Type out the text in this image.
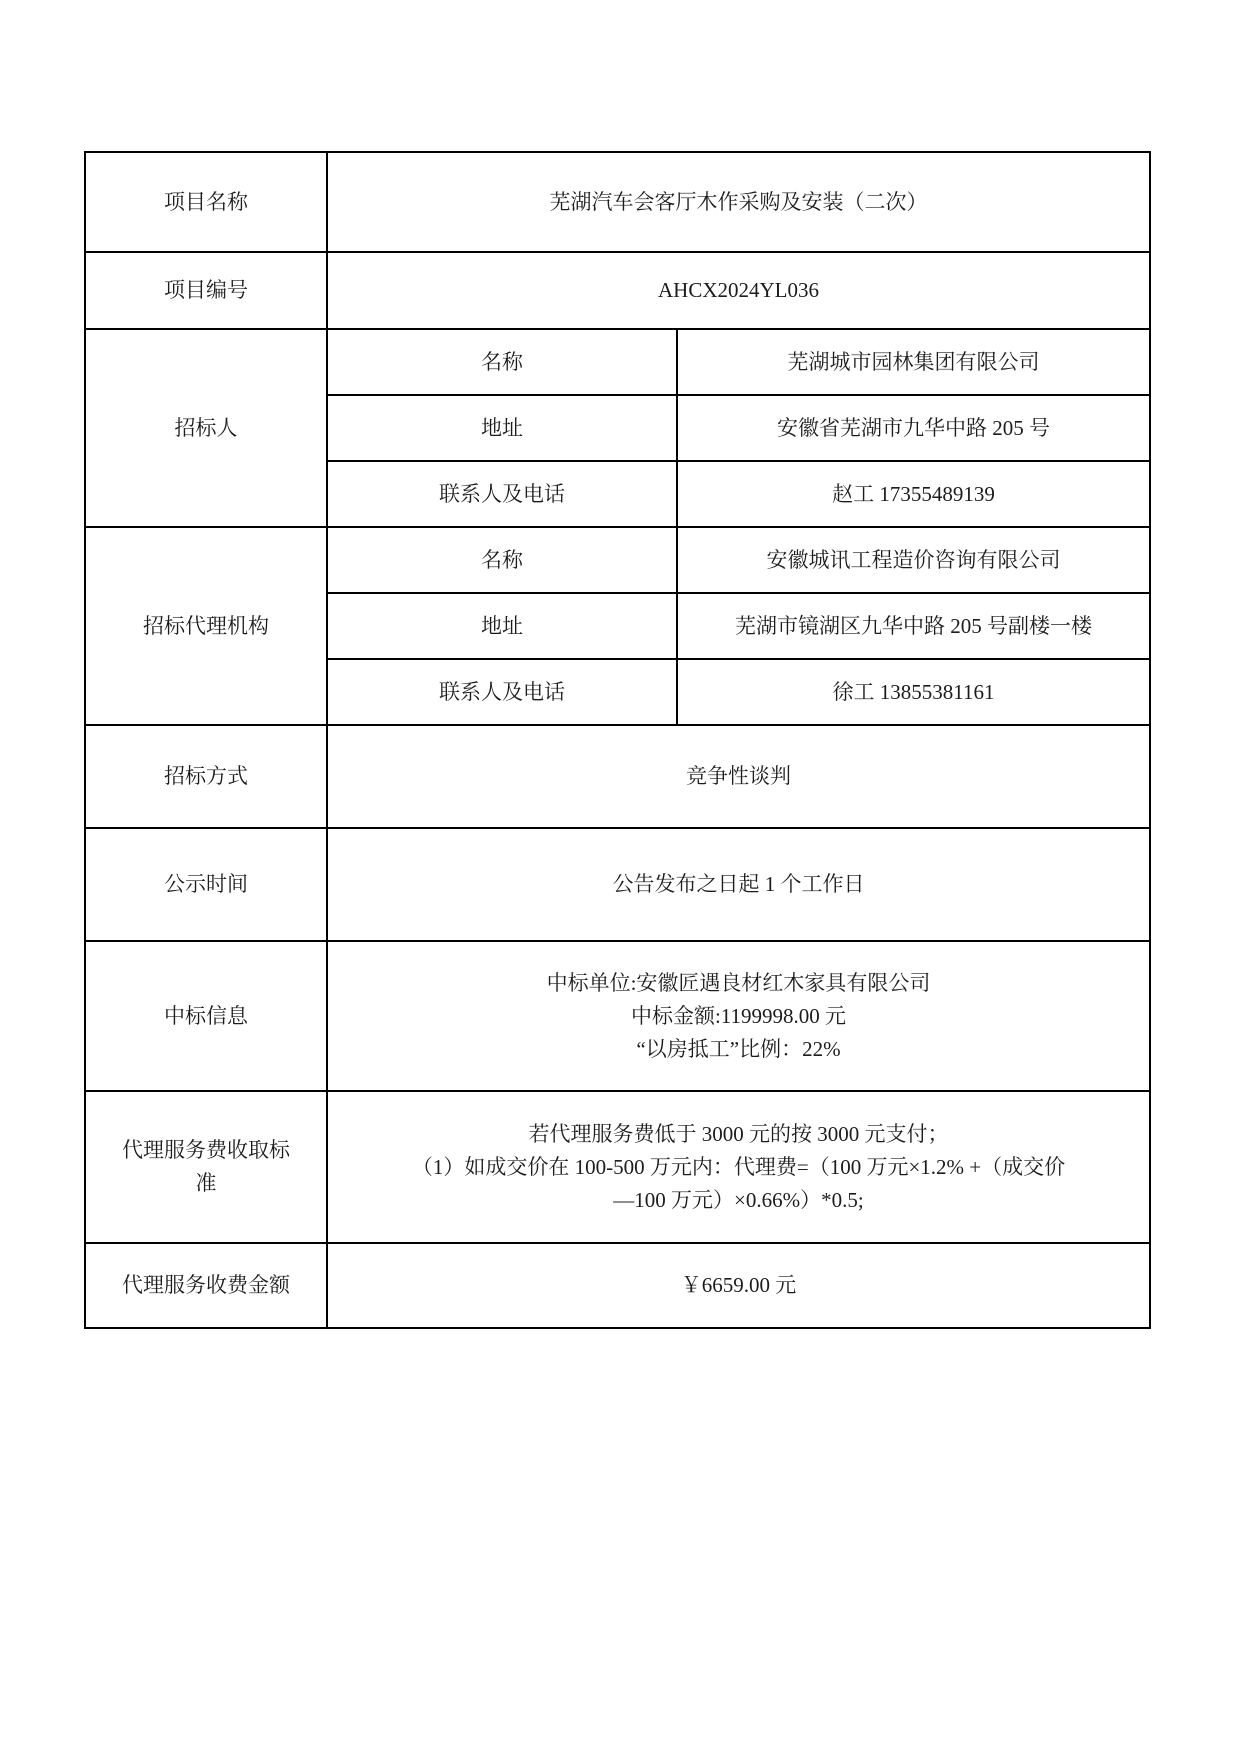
项目名称	芜湖汽车会客厅木作采购及安装（二次）	
项目编号	AHCX2024YL036	
招标人	名称	芜湖城市园林集团有限公司
	地址	安徽省芜湖市九华中路 205 号
	联系人及电话	赵工 17355489139
招标代理机构	名称	安徽城讯工程造价咨询有限公司
	地址	芜湖市镜湖区九华中路 205 号副楼一楼
	联系人及电话	徐工 13855381161
招标方式	竞争性谈判	
公示时间	公告发布之日起 1 个工作日	
中标信息	中标单位:安徽匠遇良材红木家具有限公司
中标金额:1199998.00 元
“以房抵工”比例：22%	

代理服务费收取标准	若代理服务费低于 3000 元的按 3000 元支付；
（1）如成交价在 100-500 万元内：代理费=（100 万元×1.2% +（成交价
—100 万元）×0.66%）*0.5;	

代理服务收费金额	￥6659.00 元	
